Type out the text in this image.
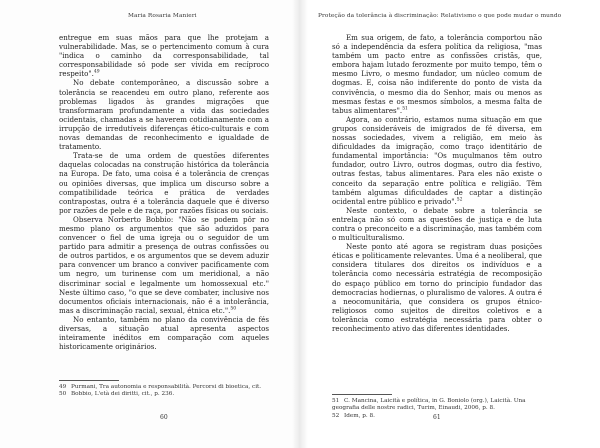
Maria Rosaria Manieri

entregue em suas mãos para que lhe protejam a vulnerabilidade. Mas, se o pertencimento comum à cura "indica o caminho da corresponsabilidade, tal corresponsabilidade só pode ser vivida em recíproco respeito".$^{49}$

No debate contemporâneo, a discussão sobre a tolerância se reacendeu em outro plano, referente aos problemas ligados às grandes migrações que transformaram profundamente a vida das sociedades ocidentais, chamadas a se haverem cotidianamente com a irrupção de irredutíveis diferenças ético-culturais e com novas demandas de reconhecimento e igualdade de tratamento.

Trata-se de uma ordem de questões diferentes daquelas colocadas na construção histórica da tolerância na Europa. De fato, uma coisa é a tolerância de crenças ou opiniões diversas, que implica um discurso sobre a compatibilidade teórica e prática de verdades contrapostas, outra é a tolerância daquele que é diverso por razões de pele e de raça, por razões físicas ou sociais.

Observa Norberto Bobbio: "Não se podem pôr no mesmo plano os argumentos que são aduzidos para convencer o fiel de uma igreja ou o seguidor de um partido para admitir a presença de outras confissões ou de outros partidos, e os argumentos que se devem aduzir para convencer um branco a conviver pacificamente com um negro, um turinense com um meridional, a não discriminar social e legalmente um homossexual etc." Neste último caso, "o que se deve combater, inclusive nos documentos oficiais internacionais, não é a intolerância, mas a discriminação racial, sexual, étnica etc.".$^{50}$

No entanto, também no plano da convivência de fés diversas, a situação atual apresenta aspectos inteiramente inéditos em comparação com aqueles historicamente originários.

49 Purmani, Tra autonomia e responsabilità. Percorsi di bioetica, cit.
50 Bobbio, L'età dei diritti, cit., p. 236.
60
Proteção da tolerância à discriminação: Relativismo o que pode mudar o mundo

Em sua origem, de fato, a tolerância comportou não só a independência da esfera política da religiosa, "mas também um pacto entre as confissões cristãs, que, embora hajam lutado ferozmente por muito tempo, têm o mesmo Livro, o mesmo fundador, um núcleo comum de dogmas. E, coisa não indiferente do ponto de vista da convivência, o mesmo dia do Senhor, mais ou menos as mesmas festas e os mesmos símbolos, a mesma falta de tabus alimentares".$^{51}$

Agora, ao contrário, estamos numa situação em que grupos consideráveis de imigrados de fé diversa, em nossas sociedades, vivem a religião, em meio às dificuldades da imigração, como traço identitário de fundamental importância: "Os muçulmanos têm outro fundador, outro Livro, outros dogmas, outro dia festivo, outras festas, tabus alimentares. Para eles não existe o conceito da separação entre política e religião. Têm também algumas dificuldades de captar a distinção ocidental entre público e privado".$^{52}$

Neste contexto, o debate sobre a tolerância se entrelaça não só com as questões de justiça e de luta contra o preconceito e a discriminação, mas também com o multiculturalismo.

Neste ponto até agora se registram duas posições éticas e politicamente relevantes. Uma é a neoliberal, que considera titulares dos direitos os indivíduos e a tolerância como necessária estratégia de recomposição do espaço público em torno do princípio fundador das democracias hodiernas, o pluralismo de valores. A outra é a neocomunitária, que considera os grupos étnico-religiosos como sujeitos de direitos coletivos e a tolerância como estratégia necessária para obter o reconhecimento ativo das diferentes identidades.

51 C. Mancina, Laicità e política, in G. Boniolo (org.), Laicità. Una geografia delle nostre radici, Turim, Einaudi, 2006, p. 8.
52 Idem, p. 8.	61
